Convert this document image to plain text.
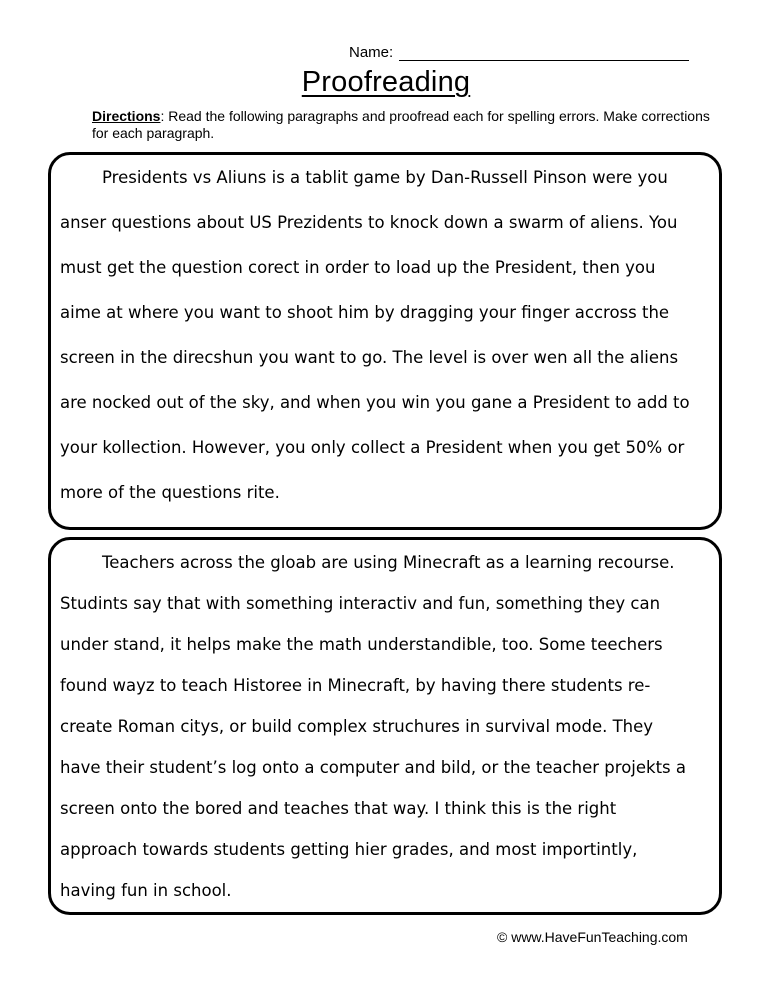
Name:
Proofreading
Directions: Read the following paragraphs and proofread each for spelling errors. Make corrections for each paragraph.
Presidents vs Aliuns is a tablit game by Dan-Russell Pinson were you
anser questions about US Prezidents to knock down a swarm of aliens. You
must get the question corect in order to load up the President, then you
aime at where you want to shoot him by dragging your finger accross the
screen in the direcshun you want to go. The level is over wen all the aliens
are nocked out of the sky, and when you win you gane a President to add to
your kollection. However, you only collect a President when you get 50% or
more of the questions rite.
Teachers across the gloab are using Minecraft as a learning recourse.
Studints say that with something interactiv and fun, something they can
under stand, it helps make the math understandible, too. Some teechers
found wayz to teach Historee in Minecraft, by having there students re-
create Roman citys, or build complex struchures in survival mode. They
have their student’s log onto a computer and bild, or the teacher projekts a
screen onto the bored and teaches that way. I think this is the right
approach towards students getting hier grades, and most importintly,
having fun in school.
© www.HaveFunTeaching.com
